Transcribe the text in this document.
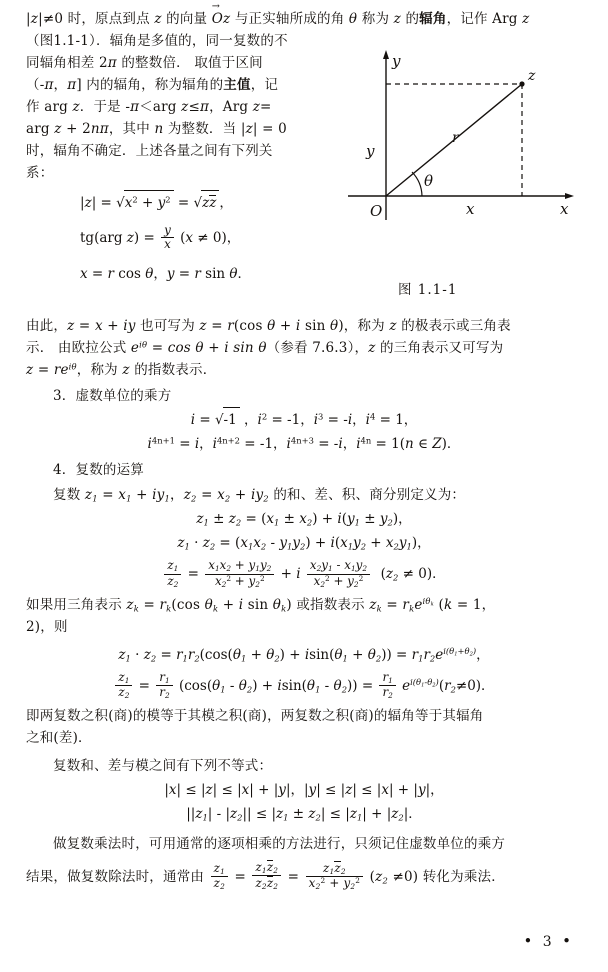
|z|≠0 时，原点到点 z 的向量 Oz → 与正实轴所成的角 θ 称为 z 的辐角，记作 Arg z

（图1.1-1）．辐角是多值的，同一复数的不

同辐角相差 2π 的整数倍． 取值于区间

（-π，π] 内的辐角，称为辐角的主值，记

作 arg z．于是 -π＜arg z≤π，Arg z=

arg z + 2nπ，其中 n 为整数．当 |z| = 0

时，辐角不确定．上述各量之间有下列关

系：

$|z| = √x^2 + y^2 = √zz$ ，
tg(arg $z) = \frac{y}{x} (x \ne 0)$，
x = r cos θ，y = r sin θ．
y
x
O
z
r
θ
y
x
图 1.1-1

由此，z = x + iy 也可写为 z = r(cos θ + i sin θ)，称为 z 的极表示或三角表

示． 由欧拉公式 $e^{i\theta} = \cos \theta + i$ sin θ（参看 7.6.3），z 的三角表示又可写为

$z = re^{i\theta}$，称为 z 的指数表示．

3．虚数单位的乘方

i = √-1 ，$i^2 = -1$，$i^3 = -i$，$i^4 = 1$，
$i^{4n+1} = i$，$i^{4n+2} = -1$，$i^{4n+3} = -i$，$i^{4n} = 1(n$ ∈ Z)．

4．复数的运算

复数 $z_1 = x_1 + iy_1$，$z_2 = x_2 + iy_2$ 的和、差、积、商分别定义为：

$z_1 \pm z_2 = (x_1 \pm x_2) + i(y_1 \pm y_2)$，
$z_1 \cdot z_2 = (x_1x_2 - y_1y_2) + i(x_1y_2 + x_2y_1)$，
$\frac{z_1}{z_2} = \frac{x_1x_2 + y_1y_2}{x_2^2 + y_2^2} + i \frac{x_2y_1 - x_1y_2}{x_2^2 + y_2^2} (z_2 \ne 0)$．

如果用三角表示 $z_k = r_k(\cos$ $\theta_k + i$ $\sin \theta_k$) 或指数表示 $z_k = r_ke^{i\theta_k}$ (k = 1，

2)，则

$z_1 \cdot z_2 = r_1r_2(\cos(\theta_1 + \theta_2) + isin(\theta_1 + \theta_2)) = r_1r_2e^{i(\theta_1+\theta_2)}$，
$\frac{z_1}{z_2} = \frac{r_1}{r_2} (\cos(\theta_1 - \theta_2) + isin(\theta_1 - \theta_2)) = \frac{r_1}{r_2} e^{i(\theta_1-\theta_2)}(r_2\ne 0)$．

即两复数之积(商)的模等于其模之积(商)，两复数之积(商)的辐角等于其辐角

之和(差)．

复数和、差与模之间有下列不等式：

|x| ≤ |z| ≤ |x| + |y|，|y| ≤ |z| ≤ |x| + |y|，
$||z_1| - |z_2|| \le |z_1 \pm z_2| \le |z_1| + |z_2|$．

做复数乘法时，可用通常的逐项相乘的方法进行，只须记住虚数单位的乘方

结果，做复数除法时，通常由 $\frac{z_1}{z_2} = \frac{z_1z_2}{z_2z_2} = \frac{z_1z_2}{x_2^2 + y_2^2} (z_2 \ne 0)$ 转化为乘法．

• 3 •
